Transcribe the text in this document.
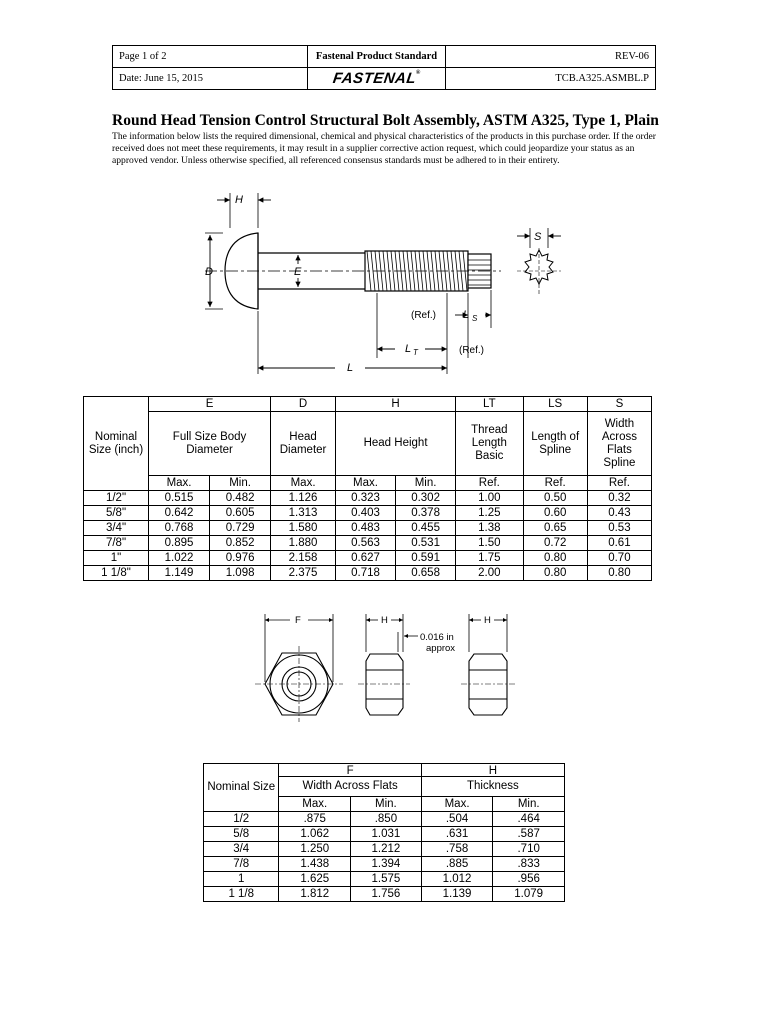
Page 1 of 2	Fastenal Product Standard	REV-06
Date: June 15, 2015	FASTENAL®	TCB.A325.ASMBL.P
Round Head Tension Control Structural Bolt Assembly, ASTM A325, Type 1, Plain
The information below lists the required dimensional, chemical and physical characteristics of the products in this purchase order. If the order received does not meet these requirements, it may result in a supplier corrective action request, which could jeopardize your status as an approved vendor. Unless otherwise specified, all referenced consensus standards must be adhered to in their entirety.
H
S
D	E
L S
L T
L
(Ref.)
(Ref.)
Nominal Size (inch)	E		D	H		LT	LS	S
	Full Size Body Diameter		Head Diameter	Head Height		Thread Length Basic	Length of Spline	Width Across Flats Spline
	Max.	Min.	Max.	Max.	Min.	Ref.	Ref.	Ref.
1/2"	0.515	0.482	1.126	0.323	0.302	1.00	0.50	0.32
5/8"	0.642	0.605	1.313	0.403	0.378	1.25	0.60	0.43
3/4"	0.768	0.729	1.580	0.483	0.455	1.38	0.65	0.53
7/8"	0.895	0.852	1.880	0.563	0.531	1.50	0.72	0.61
1"	1.022	0.976	2.158	0.627	0.591	1.75	0.80	0.70
1 1/8"	1.149	1.098	2.375	0.718	0.658	2.00	0.80	0.80
F	H	H
0.016 in
approx
Nominal Size	F		H	
	Width Across Flats		Thickness	
	Max.	Min.	Max.	Min.
1/2	.875	.850	.504	.464
5/8	1.062	1.031	.631	.587
3/4	1.250	1.212	.758	.710
7/8	1.438	1.394	.885	.833
1	1.625	1.575	1.012	.956
1 1/8	1.812	1.756	1.139	1.079
